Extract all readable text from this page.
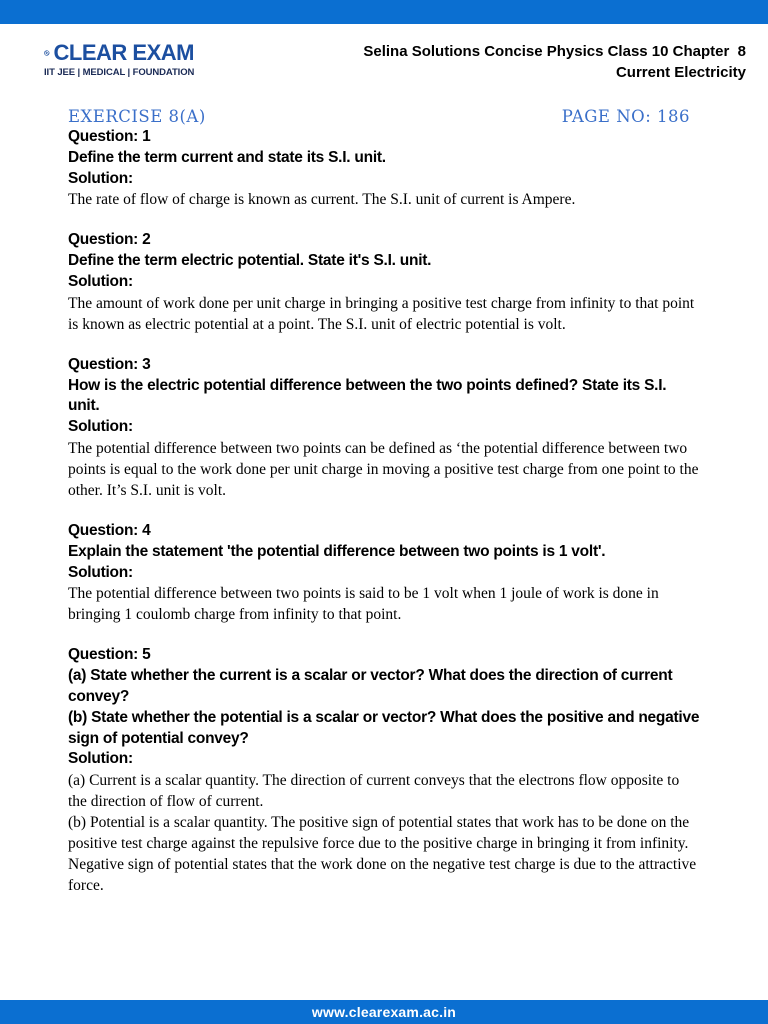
CLEAR EXAM
IIT JEE | MEDICAL | FOUNDATION
Selina Solutions Concise Physics Class 10 Chapter  8
Current Electricity
EXERCISE 8(A)	PAGE NO: 186
Question: 1
Define the term current and state its S.I. unit.
Solution:
The rate of flow of charge is known as current. The S.I. unit of current is Ampere.
Question: 2
Define the term electric potential. State it's S.I. unit.
Solution:
The amount of work done per unit charge in bringing a positive test charge from infinity to that point is known as electric potential at a point. The S.I. unit of electric potential is volt.
Question: 3
How is the electric potential difference between the two points defined? State its S.I. unit.
Solution:
The potential difference between two points can be defined as ‘the potential difference between two points is equal to the work done per unit charge in moving a positive test charge from one point to the other. It’s S.I. unit is volt.
Question: 4
Explain the statement 'the potential difference between two points is 1 volt'.
Solution:
The potential difference between two points is said to be 1 volt when 1 joule of work is done in bringing 1 coulomb charge from infinity to that point.
Question: 5
(a) State whether the current is a scalar or vector? What does the direction of current convey?
(b) State whether the potential is a scalar or vector? What does the positive and negative sign of potential convey?
Solution:
(a) Current is a scalar quantity. The direction of current conveys that the electrons flow opposite to the direction of flow of current.
(b) Potential is a scalar quantity. The positive sign of potential states that work has to be done on the positive test charge against the repulsive force due to the positive charge in bringing it from infinity. Negative sign of potential states that the work done on the negative test charge is due to the attractive force.
www.clearexam.ac.in
